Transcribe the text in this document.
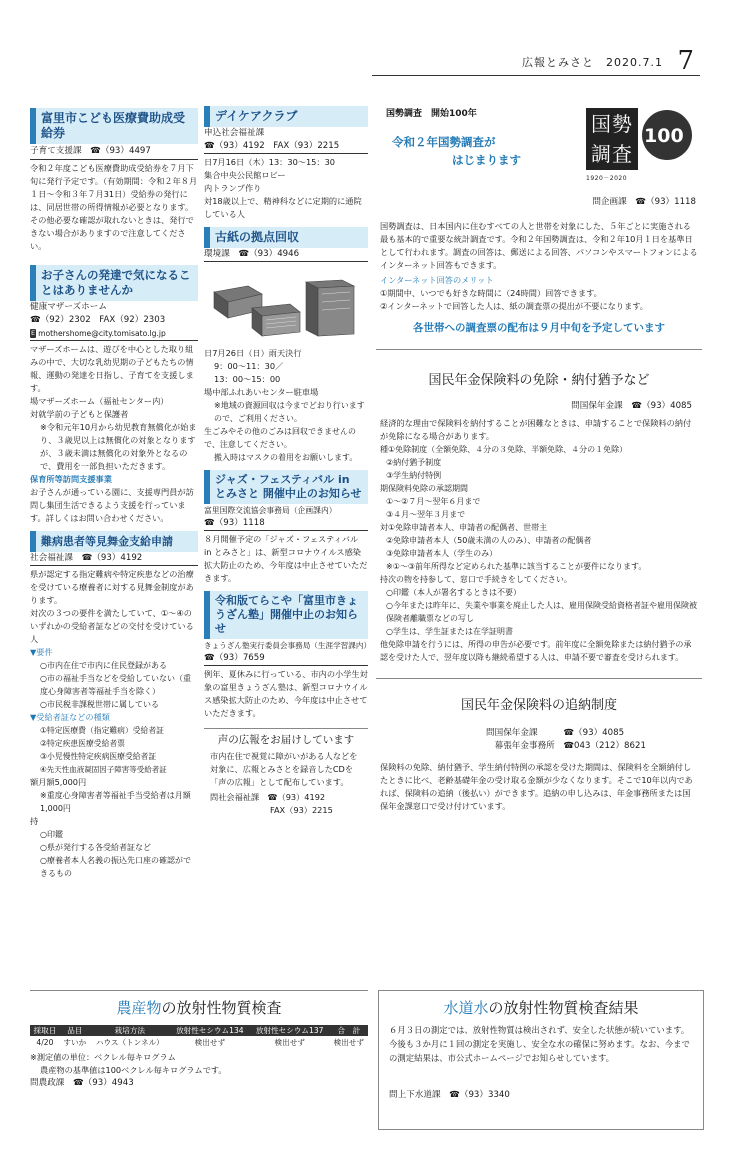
広報とみさと　2020.7.1 7
富里市こども医療費助成受給券
子育て支援課　☎（93）4497
令和２年度こども医療費助成受給券を７月下旬に発行予定です。（有効期間：令和２年８月１日～令和３年７月31日）受給券の発行には、同居世帯の所得情報が必要となります。その他必要な確認が取れないときは、発行できない場合がありますので注意してください。
お子さんの発達で気になることはありませんか
健康マザーズホーム
☎（92）2302　FAX（92）2303
E mothershome@city.tomisato.lg.jp
マザーズホームは、遊びを中心とした取り組みの中で、大切な乳幼児期の子どもたちの情報、運動の発達を日指し、子育てを支援します。
場マザーズホーム（福祉センター内）
対就学前の子どもと保護者
※令和元年10月から幼児教育無償化が始まり、３歳児以上は無償化の対象となりますが、３歳未満は無償化の対象外となるので、費用を一部負担いただきます。
保育所等訪問支援事業
お子さんが通っている園に、支援専門員が訪問し集団生活できるよう支援を行っています。詳しくはお問い合わせください。
難病患者等見舞金支給申請
社会福祉課　☎（93）4192
県が認定する指定難病や特定疾患などの治療を受けている療養者に対する見舞金制度があります。
対次の３つの要件を満たしていて、①～④のいずれかの受給者証などの交付を受けている人
▼要件
○市内在住で市内に住民登録がある
○市の福祉手当などを受給していない（重度心身障害者等福祉手当を除く）
○市民税非課税世帯に属している
▼受給者証などの種類
①特定医療費（指定難病）受給者証
②特定疾患医療受給者票
③小児慢性特定疾病医療受給者証
④先天性血液凝固因子障害等受給者証
額月額5,000円
※重度心身障害者等福祉手当受給者は月額1,000円
持
○印鑑
○県が発行する各受給者証など
○療養者本人名義の振込先口座の確認ができるもの
デイケアクラブ
申込社会福祉課
☎（93）4192　FAX（93）2215
日7月16日（木）13：30～15：30
集合中央公民館ロビー
内トランプ作り
対18歳以上で、精神科などに定期的に通院している人
古紙の拠点回収
環境課　☎（93）4946
日7月26日（日）雨天決行
9：00～11：30／
13：00～15：00
場中部ふれあいセンター駐車場
※地域の資源回収は今までどおり行いますので、ご利用ください。
生ごみやその他のごみは回収できませんので、注意してください。
搬入時はマスクの着用をお願いします。
ジャズ・フェスティバル in とみさと 開催中止のお知らせ
富里国際交流協会事務局（企画課内）
☎（93）1118
８月開催予定の「ジャズ・フェスティバル in とみさと」は、新型コロナウイルス感染拡大防止のため、今年度は中止させていただきます。
令和版てらこや「富里市きょうざん塾」開催中止のお知らせ
きょうざん塾実行委員会事務局（生涯学習課内）
☎（93）7659
例年、夏休みに行っている、市内の小学生対象の富里きょうざん塾は、新型コロナウイルス感染拡大防止のため、今年度は中止させていただきます。
声の広報をお届けしています
市内在住で視覚に障がいがある人などを対象に、広報とみさとを録音したCDを「声の広報」として配布しています。
問社会福祉課　☎（93）4192
FAX（93）2215
国勢調査　開始100年
令和２年国勢調査が
はじまります
国勢調査
100
1920－2020
問企画課　☎（93）1118
国勢調査は、日本国内に住むすべての人と世帯を対象にした、５年ごとに実施される最も基本的で重要な統計調査です。令和２年国勢調査は、令和２年10月１日を基準日として行われます。調査の回答は、郵送による回答、パソコンやスマートフォンによるインターネット回答もできます。
インターネット回答のメリット
①期間中、いつでも好きな時間に（24時間）回答できます。
②インターネットで回答した人は、紙の調査票の提出が不要になります。
各世帯への調査票の配布は９月中旬を予定しています
国民年金保険料の免除・納付猶予など
問国保年金課　☎（93）4085
経済的な理由で保険料を納付することが困難なときは、申請することで保険料の納付が免除になる場合があります。
種①免除制度（全額免除、４分の３免除、半額免除、４分の１免除）
②納付猶予制度
③学生納付特例
期保険料免除の承認期間
①～②７月～翌年６月まで
③４月～翌年３月まで
対①免除申請者本人、申請者の配偶者、世帯主
②免除申請者本人（50歳未満の人のみ）、申請者の配偶者
③免除申請者本人（学生のみ）
※①～③前年所得など定められた基準に該当することが要件になります。
持次の物を持参して、窓口で手続きをしてください。
○印鑑（本人が署名するときは不要）
○今年または昨年に、失業や事業を廃止した人は、雇用保険受給資格者証や雇用保険被保険者離職票などの写し
○学生は、学生証または在学証明書
他免除申請を行うには、所得の申告が必要です。前年度に全額免除または納付猶予の承認を受けた人で、翌年度以降も継続希望する人は、申請不要で審査を受けられます。
国民年金保険料の追納制度
問国保年金課　　　☎（93）4085
　幕張年金事務所　☎043（212）8621
保険料の免除、納付猶予、学生納付特例の承認を受けた期間は、保険料を全額納付したときに比べ、老齢基礎年金の受け取る金額が少なくなります。そこで10年以内であれば、保険料の追納（後払い）ができます。追納の申し込みは、年金事務所または国保年金課窓口で受け付けています。
農産物の放射性物質検査
採取日	品目	栽培方法	放射性セシウム134	放射性セシウム137	合　計
4/20	すいか	ハウス（トンネル）	検出せず	検出せず	検出せず
※測定値の単位：ベクレル毎キログラム
農産物の基準値は100ベクレル毎キログラムです。
問農政課　☎（93）4943
水道水の放射性物質検査結果
６月３日の測定では、放射性物質は検出されず、安全した状態が続いています。今後も３か月に１回の測定を実施し、安全な水の確保に努めます。なお、今までの測定結果は、市公式ホームページでお知らせしています。
問上下水道課　☎（93）3340
